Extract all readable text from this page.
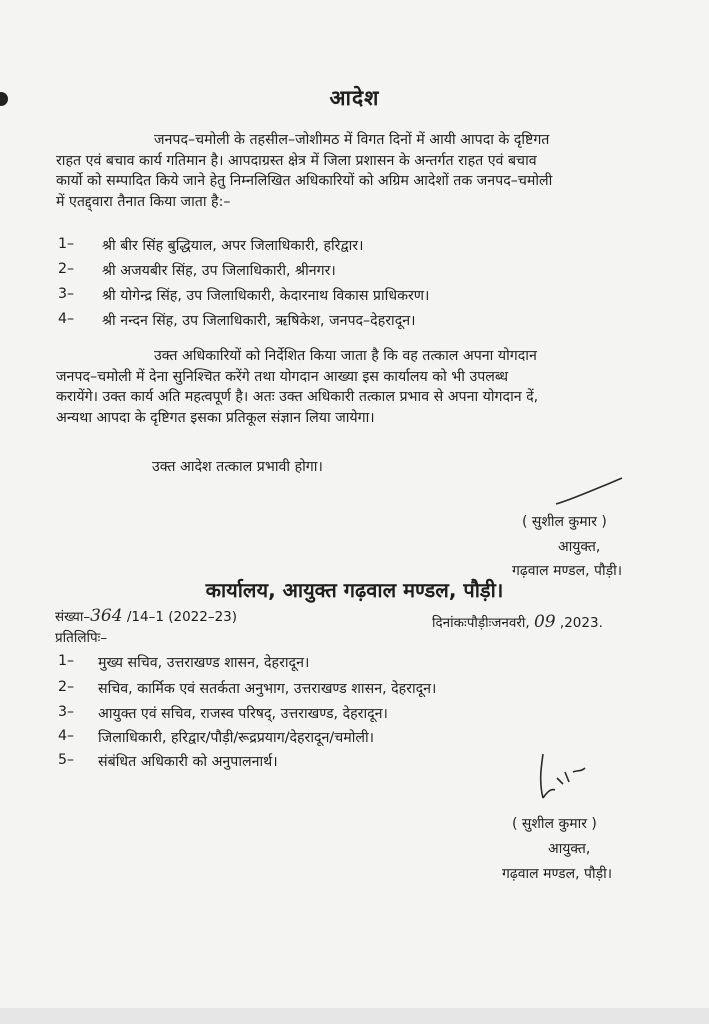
आदेश
जनपद–चमोली के तहसील–जोशीमठ में विगत दिनों में आयी आपदा के दृष्टिगत
राहत एवं बचाव कार्य गतिमान है। आपदाग्रस्त क्षेत्र में जिला प्रशासन के अन्तर्गत राहत एवं बचाव
कार्यो को सम्पादित किये जाने हेतु निम्नलिखित अधिकारियों को अग्रिम आदेशों तक जनपद–चमोली
में एतद्द्वारा तैनात किया जाता है:–
1– श्री बीर सिंह बुद्धियाल, अपर जिलाधिकारी, हरिद्वार।
2– श्री अजयबीर सिंह, उप जिलाधिकारी, श्रीनगर।
3– श्री योगेन्द्र सिंह, उप जिलाधिकारी, केदारनाथ विकास प्राधिकरण।
4– श्री नन्दन सिंह, उप जिलाधिकारी, ऋषिकेश, जनपद–देहरादून।
उक्त अधिकारियों को निर्देशित किया जाता है कि वह तत्काल अपना योगदान
जनपद–चमोली में देना सुनिश्चित करेंगे तथा योगदान आख्या इस कार्यालय को भी उपलब्ध
करायेंगे। उक्त कार्य अति महत्वपूर्ण है। अतः उक्त अधिकारी तत्काल प्रभाव से अपना योगदान दें,
अन्यथा आपदा के दृष्टिगत इसका प्रतिकूल संज्ञान लिया जायेगा।
उक्त आदेश तत्काल प्रभावी होगा।
( सुशील कुमार )
आयुक्त,
गढ़वाल मण्डल, पौड़ी।
कार्यालय, आयुक्त गढ़वाल मण्डल, पौड़ी।
संख्या–364 /14–1 (2022–23)	दिनांकःपौड़ीःजनवरी, 09 ,2023.
प्रतिलिपिः–
1– मुख्य सचिव, उत्तराखण्ड शासन, देहरादून।
2– सचिव, कार्मिक एवं सतर्कता अनुभाग, उत्तराखण्ड शासन, देहरादून।
3– आयुक्त एवं सचिव, राजस्व परिषद्, उत्तराखण्ड, देहरादून।
4– जिलाधिकारी, हरिद्वार/पौड़ी/रूद्रप्रयाग/देहरादून/चमोली।
5– संबंधित अधिकारी को अनुपालनार्थ।
( सुशील कुमार )
आयुक्त,
गढ़वाल मण्डल, पौड़ी।
